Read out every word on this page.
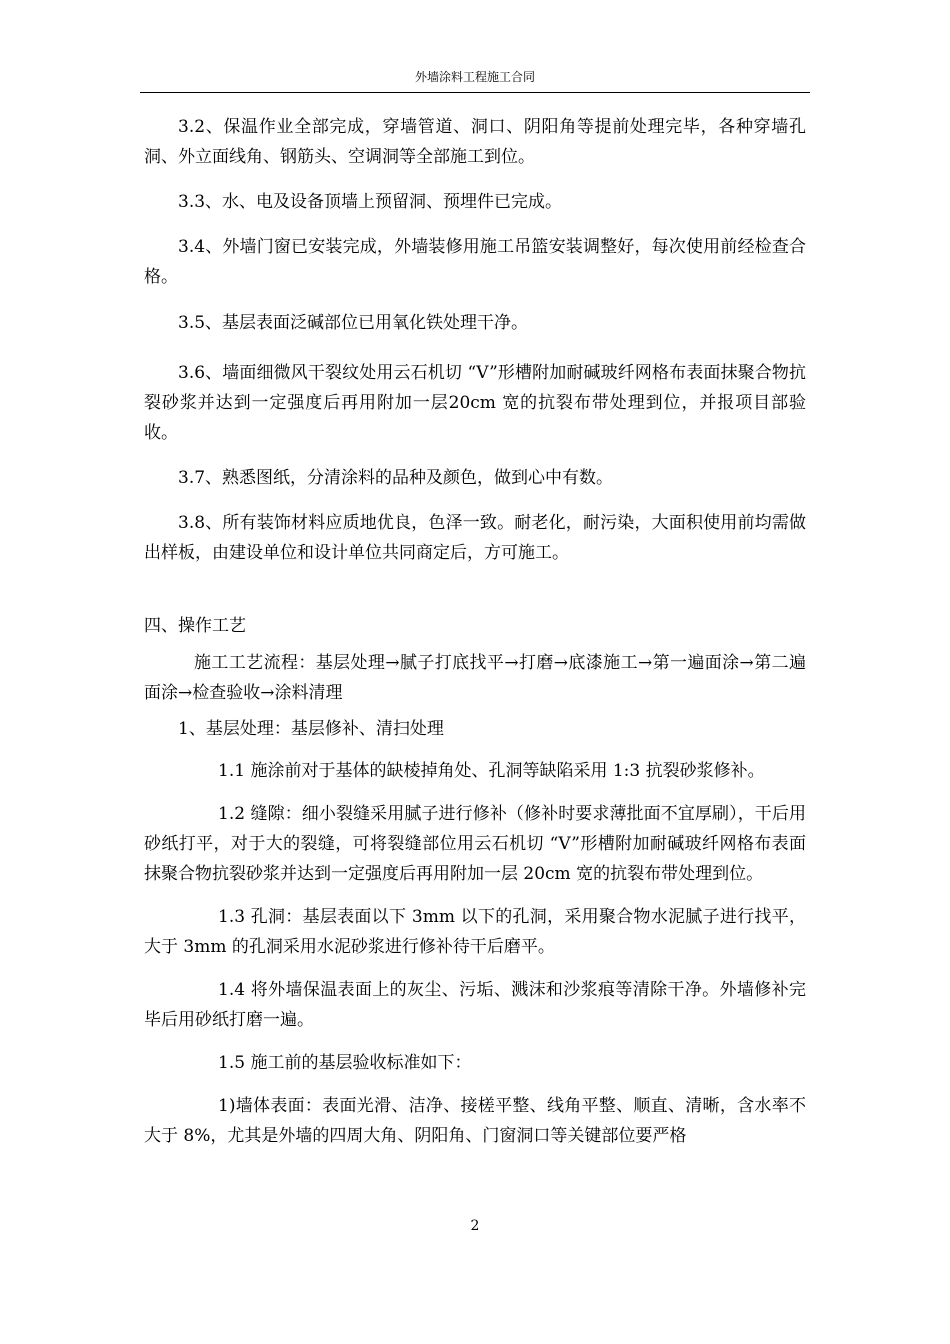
外墙涂料工程施工合同

3.2、保温作业全部完成，穿墙管道、洞口、阴阳角等提前处理完毕，各种穿墙孔洞、外立面线角、钢筋头、空调洞等全部施工到位。

3.3、水、电及设备顶墙上预留洞、预埋件已完成。

3.4、外墙门窗已安装完成，外墙装修用施工吊篮安装调整好，每次使用前经检查合格。

3.5、基层表面泛碱部位已用氧化铁处理干净。

3.6、墙面细微风干裂纹处用云石机切 “V”形槽附加耐碱玻纤网格布表面抹聚合物抗裂砂浆并达到一定强度后再用附加一层20cm 宽的抗裂布带处理到位，并报项目部验收。

3.7、熟悉图纸，分清涂料的品种及颜色，做到心中有数。

3.8、所有装饰材料应质地优良，色泽一致。耐老化，耐污染，大面积使用前均需做出样板，由建设单位和设计单位共同商定后，方可施工。

四、操作工艺

施工工艺流程：基层处理→腻子打底找平→打磨→底漆施工→第一遍面涂→第二遍面涂→检查验收→涂料清理

1、基层处理：基层修补、清扫处理

1.1 施涂前对于基体的缺棱掉角处、孔洞等缺陷采用 1:3 抗裂砂浆修补。

1.2 缝隙：细小裂缝采用腻子进行修补（修补时要求薄批面不宜厚刷），干后用砂纸打平，对于大的裂缝，可将裂缝部位用云石机切 “V”形槽附加耐碱玻纤网格布表面抹聚合物抗裂砂浆并达到一定强度后再用附加一层 20cm 宽的抗裂布带处理到位。

1.3 孔洞：基层表面以下 3mm 以下的孔洞，采用聚合物水泥腻子进行找平，大于 3mm 的孔洞采用水泥砂浆进行修补待干后磨平。

1.4 将外墙保温表面上的灰尘、污垢、溅沫和沙浆痕等清除干净。外墙修补完毕后用砂纸打磨一遍。

1.5 施工前的基层验收标准如下：

1)墙体表面：表面光滑、洁净、接槎平整、线角平整、顺直、清晰，含水率不大于 8%，尤其是外墙的四周大角、阴阳角、门窗洞口等关键部位要严格

2
